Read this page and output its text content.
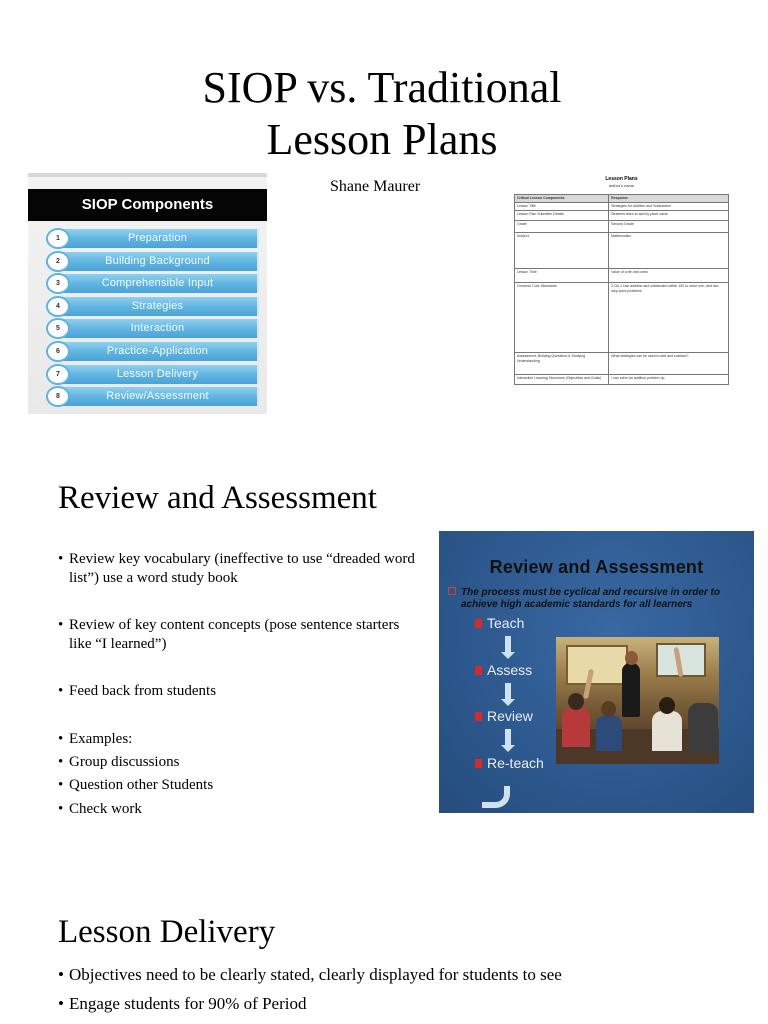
SIOP vs. Traditional
Lesson Plans
Shane Maurer
SIOP Components
Preparation
1
Building Background
2
Comprehensible Input
3
Strategies
4
Interaction
5
Practice-Application
6
Lesson Delivery
7
Review/Assessment
8
Lesson Plans
author's name
Critical Lesson Components	Response
Lesson Title	Strategies for Addition and Subtraction
Lesson Plan Submitter Details	Students learn to add by place value
Grade	Second Grade
Subject	Mathematics
Lesson Time	Value of a ten and ones
Common Core Standards	2.OA.1 Use addition and subtraction within 100 to solve one- and two-step word problems
Assessment: Building Questions & Studying Understanding	What strategies can be used to add and subtract?
Interactive Learning Outcomes (Objectives and Goals)	I can solve an addition problem up
Review and Assessment
• Review key vocabulary (ineffective to use “dreaded word list”) use a word study book
• Review of key content concepts (pose sentence starters like “I learned”)
• Feed back from students
• Examples:
• Group discussions
• Question other Students
• Check work
Review and Assessment
The process must be cyclical and recursive in order to achieve high academic standards for all learners
Teach
Assess
Review
Re-teach
Lesson Delivery
• Objectives need to be clearly stated, clearly displayed for students to see
• Engage students for 90% of Period
